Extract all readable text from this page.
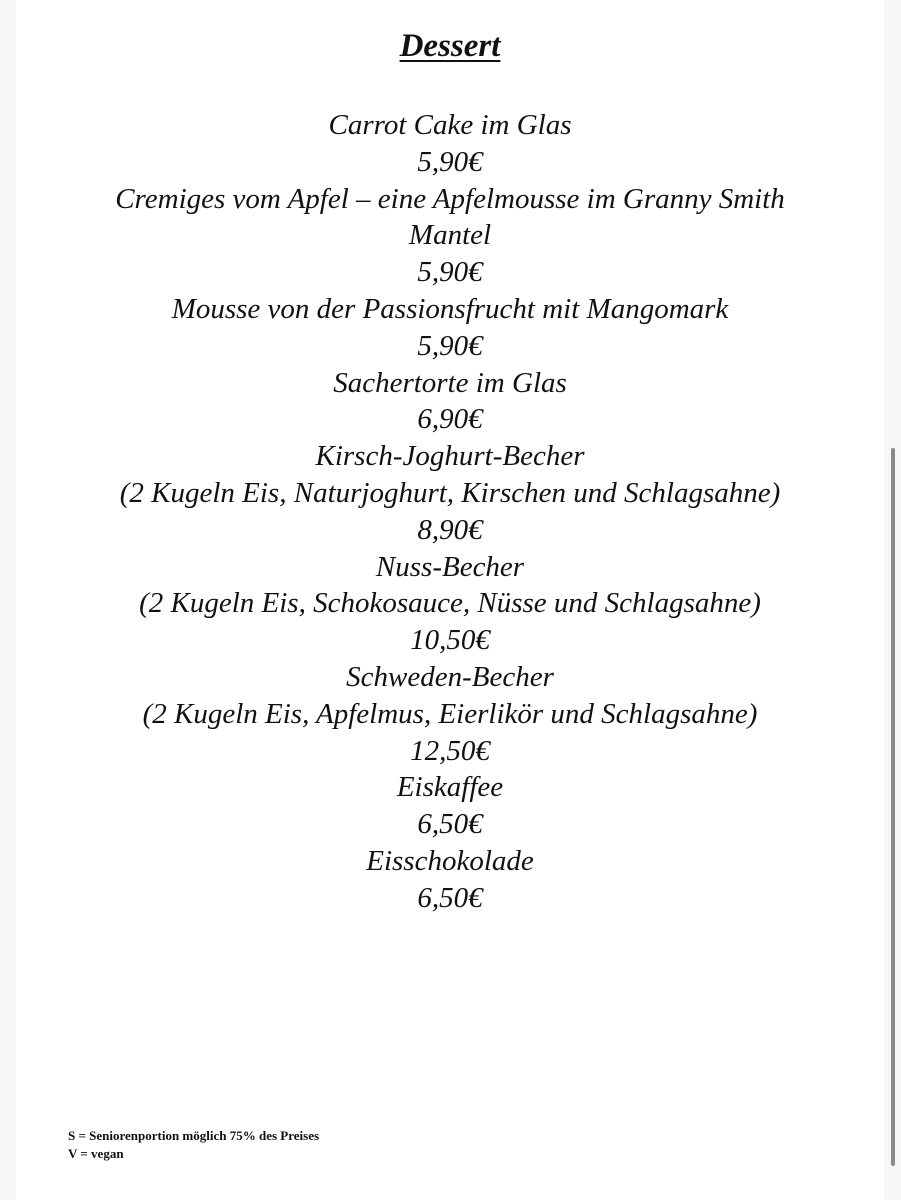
Dessert
Carrot Cake im Glas
5,90€
Cremiges vom Apfel – eine Apfelmousse im Granny Smith
Mantel
5,90€
Mousse von der Passionsfrucht mit Mangomark
5,90€
Sachertorte im Glas
6,90€
Kirsch-Joghurt-Becher
(2 Kugeln Eis, Naturjoghurt, Kirschen und Schlagsahne)
8,90€
Nuss-Becher
(2 Kugeln Eis, Schokosauce, Nüsse und Schlagsahne)
10,50€
Schweden-Becher
(2 Kugeln Eis, Apfelmus, Eierlikör und Schlagsahne)
12,50€
Eiskaffee
6,50€
Eisschokolade
6,50€
S = Seniorenportion möglich 75% des Preises
V = vegan
